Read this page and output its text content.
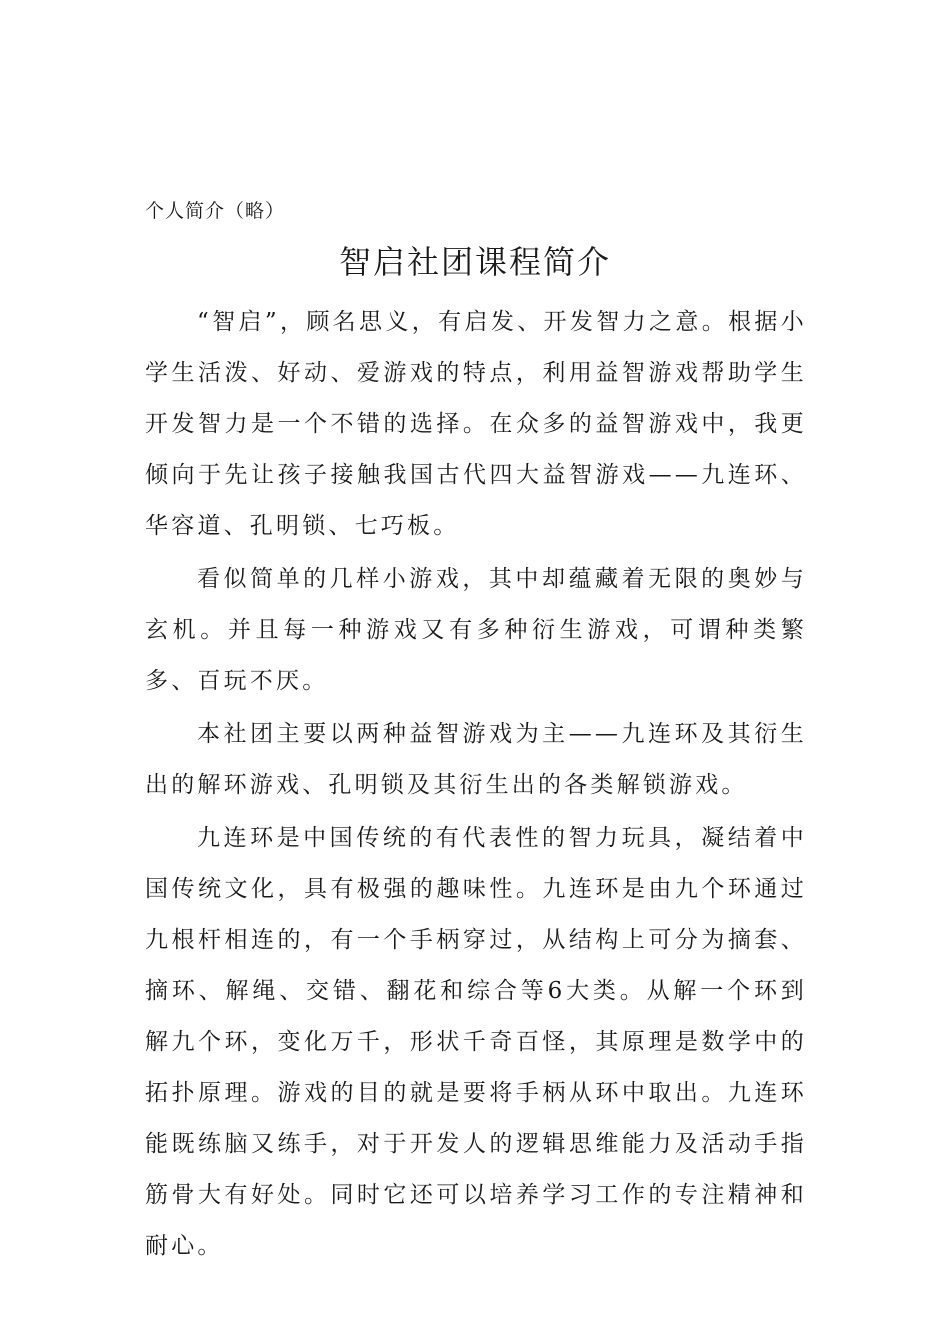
个人简介（略）
智启社团课程简介

“智启”，顾名思义，有启发、开发智力之意。根据小学生活泼、好动、爱游戏的特点，利用益智游戏帮助学生开发智力是一个不错的选择。在众多的益智游戏中，我更倾向于先让孩子接触我国古代四大益智游戏——九连环、华容道、孔明锁、七巧板。

看似简单的几样小游戏，其中却蕴藏着无限的奥妙与玄机。并且每一种游戏又有多种衍生游戏，可谓种类繁多、百玩不厌。

本社团主要以两种益智游戏为主——九连环及其衍生出的解环游戏、孔明锁及其衍生出的各类解锁游戏。

九连环是中国传统的有代表性的智力玩具，凝结着中国传统文化，具有极强的趣味性。九连环是由九个环通过九根杆相连的，有一个手柄穿过，从结构上可分为摘套、摘环、解绳、交错、翻花和综合等6大类。从解一个环到解九个环，变化万千，形状千奇百怪，其原理是数学中的拓扑原理。游戏的目的就是要将手柄从环中取出。九连环能既练脑又练手，对于开发人的逻辑思维能力及活动手指筋骨大有好处。同时它还可以培养学习工作的专注精神和耐心。
